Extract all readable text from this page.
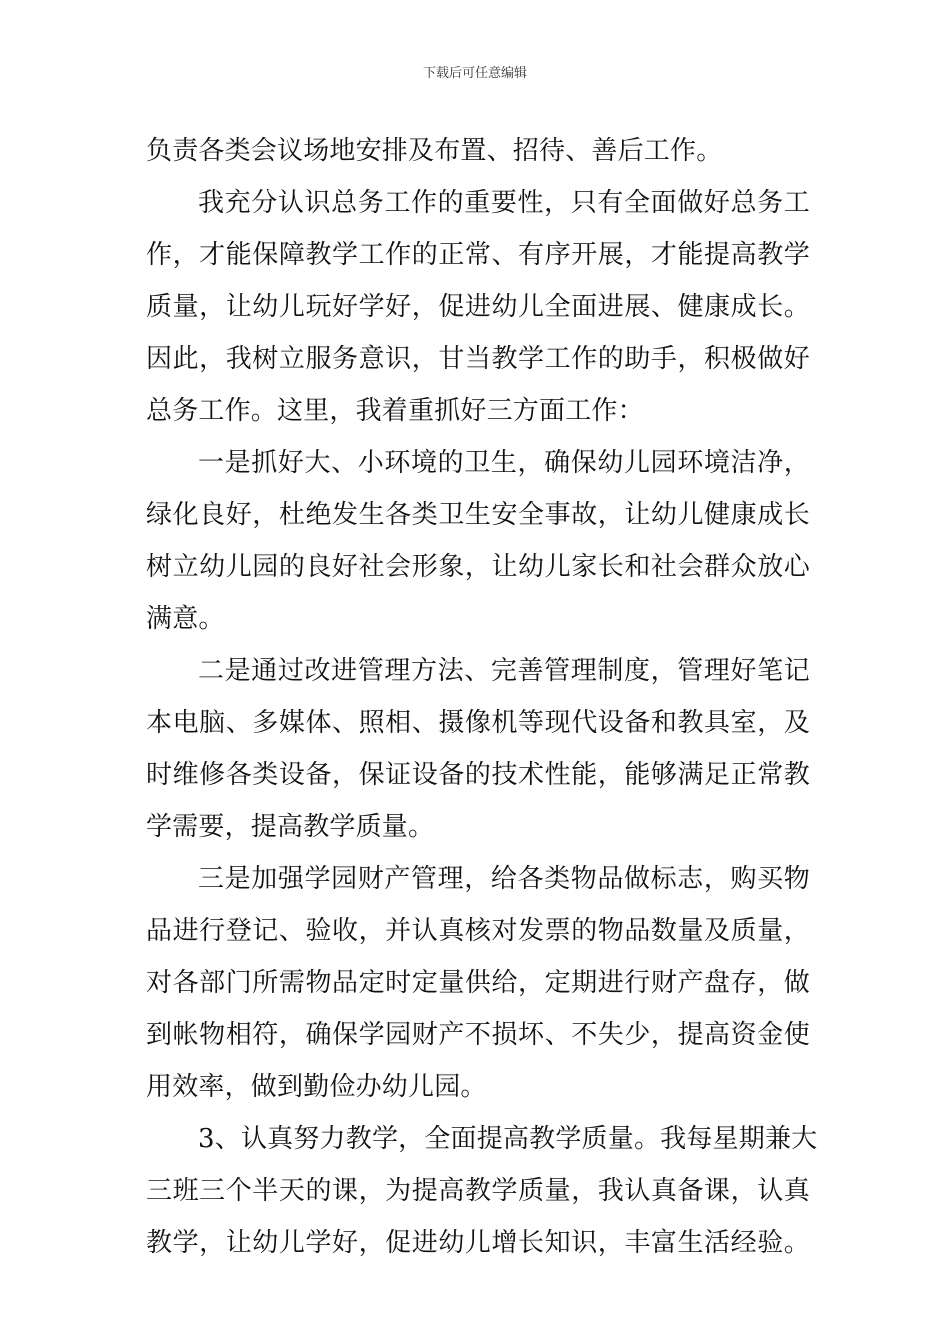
下载后可任意编辑
负责各类会议场地安排及布置、招待、善后工作。
我充分认识总务工作的重要性，只有全面做好总务工
作，才能保障教学工作的正常、有序开展，才能提高教学
质量，让幼儿玩好学好，促进幼儿全面进展、健康成长。
因此，我树立服务意识，甘当教学工作的助手，积极做好
总务工作。这里，我着重抓好三方面工作：
一是抓好大、小环境的卫生，确保幼儿园环境洁净，
绿化良好，杜绝发生各类卫生安全事故，让幼儿健康成长
树立幼儿园的良好社会形象，让幼儿家长和社会群众放心
满意。
二是通过改进管理方法、完善管理制度，管理好笔记
本电脑、多媒体、照相、摄像机等现代设备和教具室，及
时维修各类设备，保证设备的技术性能，能够满足正常教
学需要，提高教学质量。
三是加强学园财产管理，给各类物品做标志，购买物
品进行登记、验收，并认真核对发票的物品数量及质量，
对各部门所需物品定时定量供给，定期进行财产盘存，做
到帐物相符，确保学园财产不损坏、不失少，提高资金使
用效率，做到勤俭办幼儿园。
3、认真努力教学，全面提高教学质量。我每星期兼大
三班三个半天的课，为提高教学质量，我认真备课，认真
教学，让幼儿学好，促进幼儿增长知识，丰富生活经验。
